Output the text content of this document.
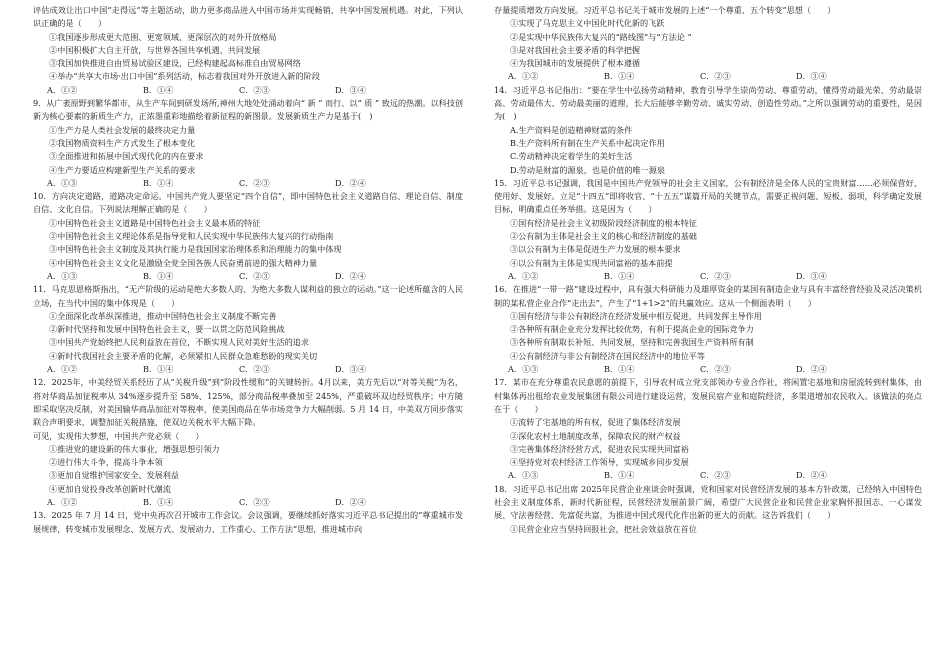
评估成效让出口中国“走得远”等主题活动，助力更多商品进入中国市场并实现畅销，共享中国发展机遇。对此，下列认识正确的是（　　）

①我国逐步形成更大范围、更宽领域、更深层次的对外开放格局

②中国积极扩大自主开放，与世界各国共享机遇、共同发展

③我国加快推进自由贸易试验区建设，已经构建起高标准自由贸易网络

④举办“共享大市场·出口中国”系列活动，标志着我国对外开放进入新的阶段

A．①②	B．①④	C．②③	D．③④

9．从广袤原野到繁华都市，从生产车间到研发场所,神州大地处处涌动着向“ 新 ” 而行、以“ 质 ” 致远的热潮。以科技创新为核心要素的新质生产力，正浓墨重彩地描绘着新征程的新图景。发展新质生产力是基于(　)

①生产力是人类社会发展的最终决定力量

②我国物质资料生产方式发生了根本变化

③全面推进和拓展中国式现代化的内在要求

④生产力要适应构建新型生产关系的要求

A．①③	B．①④	C．②③	D．②④

10．方向决定道路，道路决定命运。中国共产党人要坚定“四个自信”，即中国特色社会主义道路自信、理论自信、制度自信、文化自信。下列说法理解正确的是（　　）

①中国特色社会主义道路是中国特色社会主义最本质的特征

②中国特色社会主义理论体系是指导党和人民实现中华民族伟大复兴的行动指南

③中国特色社会主义制度及其执行能力是我国国家治理体系和治理能力的集中体现

④中国特色社会主义文化是激励全党全国各族人民奋勇前进的强大精神力量

A．①③	B．①④	C．②③	D．②④

11．马克思恩格斯指出，“无产阶级的运动是绝大多数人的、为绝大多数人谋利益的独立的运动。”这一论述所蕴含的人民立场，在当代中国的集中体现是（　　）

①全面深化改革纵深推进，推动中国特色社会主义制度不断完善

②新时代坚持和发展中国特色社会主义，要一以贯之防范风险挑战

③中国共产党始终把人民利益放在首位，不断实现人民对美好生活的追求

④新时代我国社会主要矛盾的化解，必须紧扣人民群众急难愁盼的现实关切

A．①②	B．①④	C．②③	D．③④

12．2025年，中美经贸关系经历了从“关税升级”到“阶段性缓和”的关键转折。4月以来，美方先后以“对等关税”为名，将对华商品加征税率从 34%逐步提升至 58%、125%，部分商品税率叠加至 245%，严重破坏双边经贸秩序；中方随即采取坚决反制，对美国输华商品加征对等税率，使美国商品在华市场竞争力大幅削弱。5 月 14 日，中美双方同步落实联合声明要求，调整加征关税措施，使双边关税水平大幅下降。

可见，实现伟大梦想，中国共产党必须（　　）

①推进党的建设新的伟大事业，增强思想引领力

②进行伟大斗争，提高斗争本领

③更加自觉维护国家安全、发展利益

④更加自觉投身改革创新时代潮流

A．①②	B．①④	C．②③	D．②④

13．2025 年 7 月 14 日，党中央再次召开城市工作会议。会议强调，要继续抓好落实习近平总书记提出的“尊重城市发展规律，转变城市发展理念、发展方式、发展动力、工作重心、工作方法”思想，推进城市向

存量提质增效方向发展。习近平总书记关于城市发展的上述“一个尊重、五个转变”思想（　　）

①实现了马克思主义中国化时代化新的飞跃

②是实现中华民族伟大复兴的“路线图”与“方法论 ”

③是对我国社会主要矛盾的科学把握

④为我国城市的发展提供了根本遵循

A．①②	B．①④	C．②③	D．③④

14．习近平总书记指出：“要在学生中弘扬劳动精神，教育引导学生崇尚劳动、尊重劳动，懂得劳动最光荣、劳动最崇高、劳动最伟大、劳动最美丽的道理，长大后能够辛勤劳动、诚实劳动、创造性劳动。”之所以强调劳动的重要性，是因为(　)

A.生产资料是创造精神财富的条件

B.生产资料所有制在生产关系中起决定作用

C.劳动精神决定着学生的美好生活

D.劳动是财富的源泉，也是价值的唯一源泉

15．习近平总书记强调，我国是中国共产党领导的社会主义国家，公有制经济是全体人民的宝贵财富……必须保营好、使用好、发展好。立足“十四五”即将收官、“十五五”谋篇开局的关键节点，需要正视问题、短板、弱项，科学确定发展目标，明确重点任务举措。这是因为（　　）

①国有经济是社会主义初级阶段经济制度的根本特征

②公有制为主体是社会主义的核心和经济制度的基础

③以公有制为主体是促进生产力发展的根本要求

④以公有制为主体是实现共同富裕的基本前提

A．①②	B．①④	C．②③	D．③④

16．在推进“一带一路”建设过程中，具有强大科研能力及雄厚资金的某国有制造企业与具有丰富经营经验及灵活决策机制的某私营企业合作“走出去”，产生了“1+1>2”的共赢效应。这从一个侧面表明（　　）

①国有经济与非公有制经济在经济发展中相互促进，共同发挥主导作用

②各种所有制企业充分发挥比较优势，有利于提高企业的国际竞争力

③各种所有制取长补短、共同发展，坚持和完善我国生产资料所有制

④公有制经济与非公有制经济在国民经济中的地位平等

A．①③	B．①④	C．②③	D．②④

17．某市在充分尊重农民意愿的前提下，引导农村成立党支部领办专业合作社，将闲置宅基地和房屋流转到村集体，由村集体再出租给农业发展集团有限公司进行建设运营，发展民宿产业和庭院经济，多渠道增加农民收入。该做法的亮点在于（　　）

①流转了宅基地的所有权，促进了集体经济发展

②深化农村土地制度改革，保障农民的财产权益

③完善集体经济经营方式，促进农民实现共同富裕

④坚持党对农村经济工作领导，实现城乡同步发展

A．①③	B．①④	C．②③	D．②④

18．习近平总书记出席 2025年民营企业座谈会时强调，党和国家对民营经济发展的基本方针政策，已经纳入中国特色社会主义制度体系，新时代新征程，民营经济发展前景广阔，希望广大民营企业和民营企业家胸怀报国志、一心谋发展、守法善经营、先富促共富，为推进中国式现代化作出新的更大的贡献。这告诉我们（　　）

①民营企业应当坚持回报社会，把社会效益放在首位
